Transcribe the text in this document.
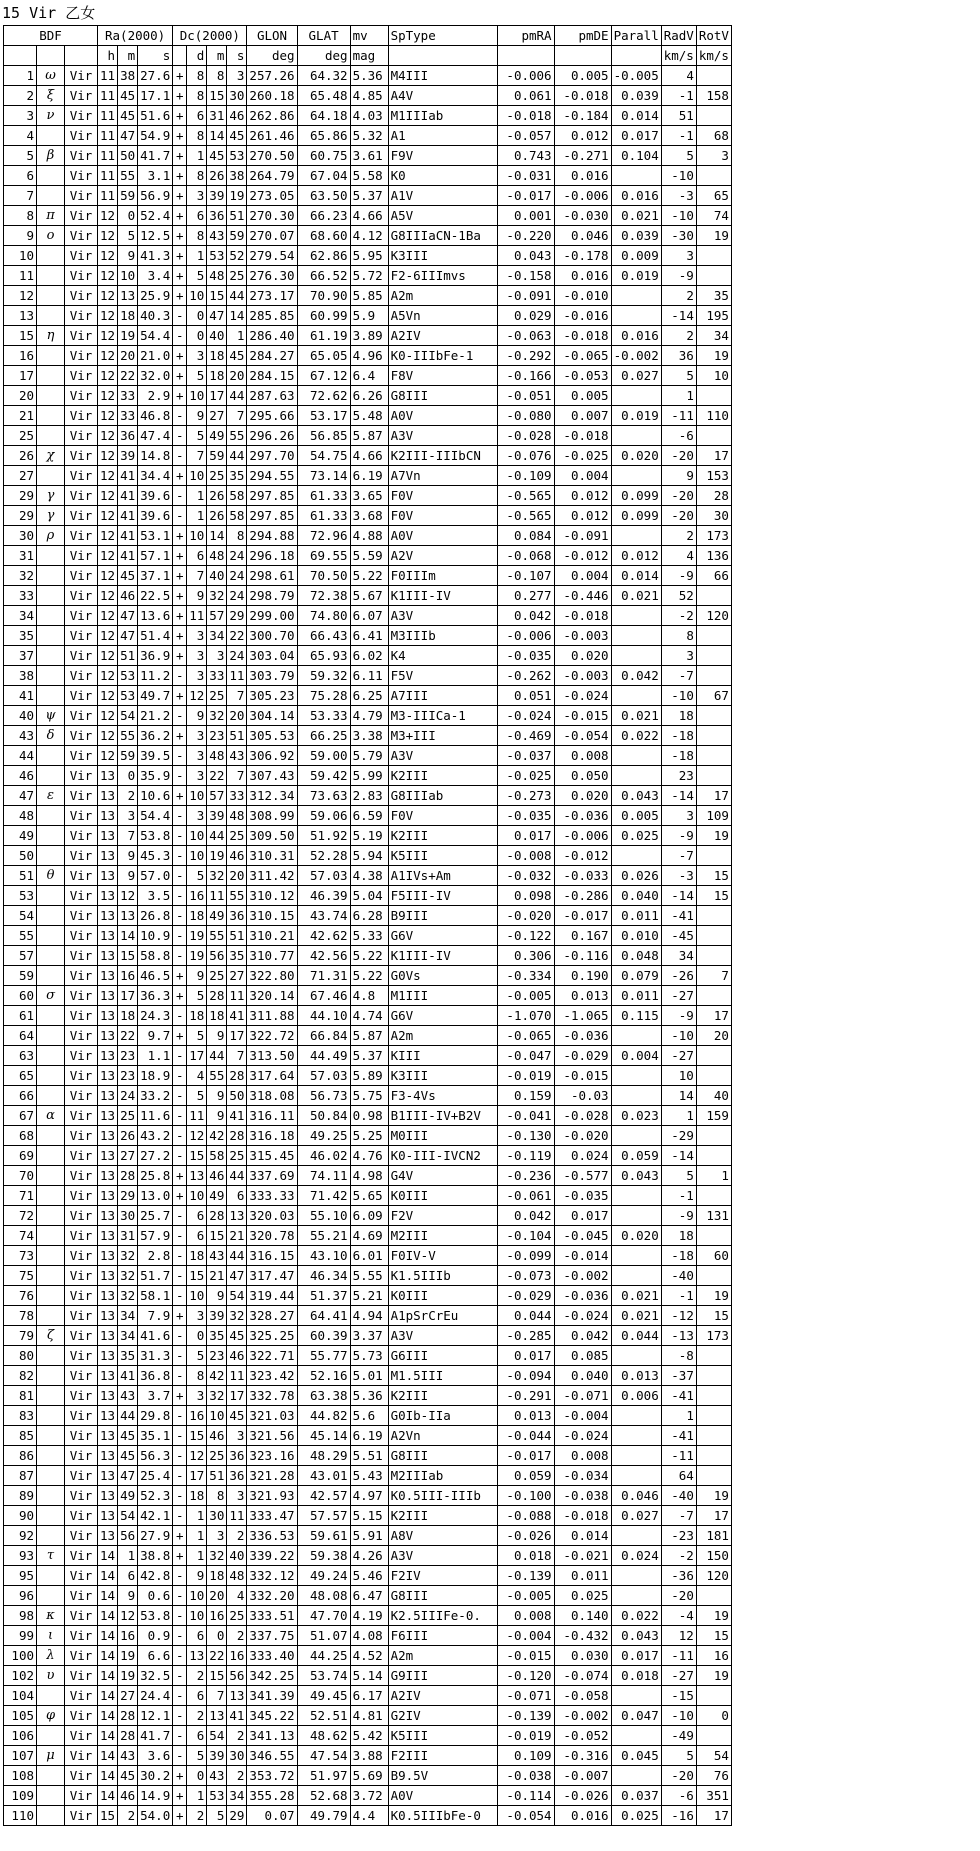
15 Vir 乙女
BDF			Ra(2000)			Dc(2000)				GLON	GLAT	mv	SpType	pmRA	pmDE	Parall	RadV	RotV
			h	m	s		d	m	s	deg	deg	mag					km/s	km/s
1	ω	Vir	11	38	27.6	+	8	8	3	257.26	64.32	5.36	M4III	-0.006	0.005	-0.005	4	
2	ξ	Vir	11	45	17.1	+	8	15	30	260.18	65.48	4.85	A4V	0.061	-0.018	0.039	-1	158
3	ν	Vir	11	45	51.6	+	6	31	46	262.86	64.18	4.03	M1IIIab	-0.018	-0.184	0.014	51	
4		Vir	11	47	54.9	+	8	14	45	261.46	65.86	5.32	A1	-0.057	0.012	0.017	-1	68
5	β	Vir	11	50	41.7	+	1	45	53	270.50	60.75	3.61	F9V	0.743	-0.271	0.104	5	3
6		Vir	11	55	3.1	+	8	26	38	264.79	67.04	5.58	K0	-0.031	0.016		-10	
7		Vir	11	59	56.9	+	3	39	19	273.05	63.50	5.37	A1V	-0.017	-0.006	0.016	-3	65
8	π	Vir	12	0	52.4	+	6	36	51	270.30	66.23	4.66	A5V	0.001	-0.030	0.021	-10	74
9	ο	Vir	12	5	12.5	+	8	43	59	270.07	68.60	4.12	G8IIIaCN-1Ba	-0.220	0.046	0.039	-30	19
10		Vir	12	9	41.3	+	1	53	52	279.54	62.86	5.95	K3III	0.043	-0.178	0.009	3	
11		Vir	12	10	3.4	+	5	48	25	276.30	66.52	5.72	F2-6IIImvs	-0.158	0.016	0.019	-9	
12		Vir	12	13	25.9	+	10	15	44	273.17	70.90	5.85	A2m	-0.091	-0.010		2	35
13		Vir	12	18	40.3	-	0	47	14	285.85	60.99	5.9	A5Vn	0.029	-0.016		-14	195
15	η	Vir	12	19	54.4	-	0	40	1	286.40	61.19	3.89	A2IV	-0.063	-0.018	0.016	2	34
16		Vir	12	20	21.0	+	3	18	45	284.27	65.05	4.96	K0-IIIbFe-1	-0.292	-0.065	-0.002	36	19
17		Vir	12	22	32.0	+	5	18	20	284.15	67.12	6.4	F8V	-0.166	-0.053	0.027	5	10
20		Vir	12	33	2.9	+	10	17	44	287.63	72.62	6.26	G8III	-0.051	0.005		1	
21		Vir	12	33	46.8	-	9	27	7	295.66	53.17	5.48	A0V	-0.080	0.007	0.019	-11	110
25		Vir	12	36	47.4	-	5	49	55	296.26	56.85	5.87	A3V	-0.028	-0.018		-6	
26	χ	Vir	12	39	14.8	-	7	59	44	297.70	54.75	4.66	K2III-IIIbCN	-0.076	-0.025	0.020	-20	17
27		Vir	12	41	34.4	+	10	25	35	294.55	73.14	6.19	A7Vn	-0.109	0.004		9	153
29	γ	Vir	12	41	39.6	-	1	26	58	297.85	61.33	3.65	F0V	-0.565	0.012	0.099	-20	28
29	γ	Vir	12	41	39.6	-	1	26	58	297.85	61.33	3.68	F0V	-0.565	0.012	0.099	-20	30
30	ρ	Vir	12	41	53.1	+	10	14	8	294.88	72.96	4.88	A0V	0.084	-0.091		2	173
31		Vir	12	41	57.1	+	6	48	24	296.18	69.55	5.59	A2V	-0.068	-0.012	0.012	4	136
32		Vir	12	45	37.1	+	7	40	24	298.61	70.50	5.22	F0IIIm	-0.107	0.004	0.014	-9	66
33		Vir	12	46	22.5	+	9	32	24	298.79	72.38	5.67	K1III-IV	0.277	-0.446	0.021	52	
34		Vir	12	47	13.6	+	11	57	29	299.00	74.80	6.07	A3V	0.042	-0.018		-2	120
35		Vir	12	47	51.4	+	3	34	22	300.70	66.43	6.41	M3IIIb	-0.006	-0.003		8	
37		Vir	12	51	36.9	+	3	3	24	303.04	65.93	6.02	K4	-0.035	0.020		3	
38		Vir	12	53	11.2	-	3	33	11	303.79	59.32	6.11	F5V	-0.262	-0.003	0.042	-7	
41		Vir	12	53	49.7	+	12	25	7	305.23	75.28	6.25	A7III	0.051	-0.024		-10	67
40	ψ	Vir	12	54	21.2	-	9	32	20	304.14	53.33	4.79	M3-IIICa-1	-0.024	-0.015	0.021	18	
43	δ	Vir	12	55	36.2	+	3	23	51	305.53	66.25	3.38	M3+III	-0.469	-0.054	0.022	-18	
44		Vir	12	59	39.5	-	3	48	43	306.92	59.00	5.79	A3V	-0.037	0.008		-18	
46		Vir	13	0	35.9	-	3	22	7	307.43	59.42	5.99	K2III	-0.025	0.050		23	
47	ε	Vir	13	2	10.6	+	10	57	33	312.34	73.63	2.83	G8IIIab	-0.273	0.020	0.043	-14	17
48		Vir	13	3	54.4	-	3	39	48	308.99	59.06	6.59	F0V	-0.035	-0.036	0.005	3	109
49		Vir	13	7	53.8	-	10	44	25	309.50	51.92	5.19	K2III	0.017	-0.006	0.025	-9	19
50		Vir	13	9	45.3	-	10	19	46	310.31	52.28	5.94	K5III	-0.008	-0.012		-7	
51	θ	Vir	13	9	57.0	-	5	32	20	311.42	57.03	4.38	A1IVs+Am	-0.032	-0.033	0.026	-3	15
53		Vir	13	12	3.5	-	16	11	55	310.12	46.39	5.04	F5III-IV	0.098	-0.286	0.040	-14	15
54		Vir	13	13	26.8	-	18	49	36	310.15	43.74	6.28	B9III	-0.020	-0.017	0.011	-41	
55		Vir	13	14	10.9	-	19	55	51	310.21	42.62	5.33	G6V	-0.122	0.167	0.010	-45	
57		Vir	13	15	58.8	-	19	56	35	310.77	42.56	5.22	K1III-IV	0.306	-0.116	0.048	34	
59		Vir	13	16	46.5	+	9	25	27	322.80	71.31	5.22	G0Vs	-0.334	0.190	0.079	-26	7
60	σ	Vir	13	17	36.3	+	5	28	11	320.14	67.46	4.8	M1III	-0.005	0.013	0.011	-27	
61		Vir	13	18	24.3	-	18	18	41	311.88	44.10	4.74	G6V	-1.070	-1.065	0.115	-9	17
64		Vir	13	22	9.7	+	5	9	17	322.72	66.84	5.87	A2m	-0.065	-0.036		-10	20
63		Vir	13	23	1.1	-	17	44	7	313.50	44.49	5.37	KIII	-0.047	-0.029	0.004	-27	
65		Vir	13	23	18.9	-	4	55	28	317.64	57.03	5.89	K3III	-0.019	-0.015		10	
66		Vir	13	24	33.2	-	5	9	50	318.08	56.73	5.75	F3-4Vs	0.159	-0.03		14	40
67	α	Vir	13	25	11.6	-	11	9	41	316.11	50.84	0.98	B1III-IV+B2V	-0.041	-0.028	0.023	1	159
68		Vir	13	26	43.2	-	12	42	28	316.18	49.25	5.25	M0III	-0.130	-0.020		-29	
69		Vir	13	27	27.2	-	15	58	25	315.45	46.02	4.76	K0-III-IVCN2	-0.119	0.024	0.059	-14	
70		Vir	13	28	25.8	+	13	46	44	337.69	74.11	4.98	G4V	-0.236	-0.577	0.043	5	1
71		Vir	13	29	13.0	+	10	49	6	333.33	71.42	5.65	K0III	-0.061	-0.035		-1	
72		Vir	13	30	25.7	-	6	28	13	320.03	55.10	6.09	F2V	0.042	0.017		-9	131
74		Vir	13	31	57.9	-	6	15	21	320.78	55.21	4.69	M2III	-0.104	-0.045	0.020	18	
73		Vir	13	32	2.8	-	18	43	44	316.15	43.10	6.01	F0IV-V	-0.099	-0.014		-18	60
75		Vir	13	32	51.7	-	15	21	47	317.47	46.34	5.55	K1.5IIIb	-0.073	-0.002		-40	
76		Vir	13	32	58.1	-	10	9	54	319.44	51.37	5.21	K0III	-0.029	-0.036	0.021	-1	19
78		Vir	13	34	7.9	+	3	39	32	328.27	64.41	4.94	A1pSrCrEu	0.044	-0.024	0.021	-12	15
79	ζ	Vir	13	34	41.6	-	0	35	45	325.25	60.39	3.37	A3V	-0.285	0.042	0.044	-13	173
80		Vir	13	35	31.3	-	5	23	46	322.71	55.77	5.73	G6III	0.017	0.085		-8	
82		Vir	13	41	36.8	-	8	42	11	323.42	52.16	5.01	M1.5III	-0.094	0.040	0.013	-37	
81		Vir	13	43	3.7	+	3	32	17	332.78	63.38	5.36	K2III	-0.291	-0.071	0.006	-41	
83		Vir	13	44	29.8	-	16	10	45	321.03	44.82	5.6	G0Ib-IIa	0.013	-0.004		1	
85		Vir	13	45	35.1	-	15	46	3	321.56	45.14	6.19	A2Vn	-0.044	-0.024		-41	
86		Vir	13	45	56.3	-	12	25	36	323.16	48.29	5.51	G8III	-0.017	0.008		-11	
87		Vir	13	47	25.4	-	17	51	36	321.28	43.01	5.43	M2IIIab	0.059	-0.034		64	
89		Vir	13	49	52.3	-	18	8	3	321.93	42.57	4.97	K0.5III-IIIb	-0.100	-0.038	0.046	-40	19
90		Vir	13	54	42.1	-	1	30	11	333.47	57.57	5.15	K2III	-0.088	-0.018	0.027	-7	17
92		Vir	13	56	27.9	+	1	3	2	336.53	59.61	5.91	A8V	-0.026	0.014		-23	181
93	τ	Vir	14	1	38.8	+	1	32	40	339.22	59.38	4.26	A3V	0.018	-0.021	0.024	-2	150
95		Vir	14	6	42.8	-	9	18	48	332.12	49.24	5.46	F2IV	-0.139	0.011		-36	120
96		Vir	14	9	0.6	-	10	20	4	332.20	48.08	6.47	G8III	-0.005	0.025		-20	
98	κ	Vir	14	12	53.8	-	10	16	25	333.51	47.70	4.19	K2.5IIIFe-0.	0.008	0.140	0.022	-4	19
99	ι	Vir	14	16	0.9	-	6	0	2	337.75	51.07	4.08	F6III	-0.004	-0.432	0.043	12	15
100	λ	Vir	14	19	6.6	-	13	22	16	333.40	44.25	4.52	A2m	-0.015	0.030	0.017	-11	16
102	υ	Vir	14	19	32.5	-	2	15	56	342.25	53.74	5.14	G9III	-0.120	-0.074	0.018	-27	19
104		Vir	14	27	24.4	-	6	7	13	341.39	49.45	6.17	A2IV	-0.071	-0.058		-15	
105	φ	Vir	14	28	12.1	-	2	13	41	345.22	52.51	4.81	G2IV	-0.139	-0.002	0.047	-10	0
106		Vir	14	28	41.7	-	6	54	2	341.13	48.62	5.42	K5III	-0.019	-0.052		-49	
107	μ	Vir	14	43	3.6	-	5	39	30	346.55	47.54	3.88	F2III	0.109	-0.316	0.045	5	54
108		Vir	14	45	30.2	+	0	43	2	353.72	51.97	5.69	B9.5V	-0.038	-0.007		-20	76
109		Vir	14	46	14.9	+	1	53	34	355.28	52.68	3.72	A0V	-0.114	-0.026	0.037	-6	351
110		Vir	15	2	54.0	+	2	5	29	0.07	49.79	4.4	K0.5IIIbFe-0	-0.054	0.016	0.025	-16	17
